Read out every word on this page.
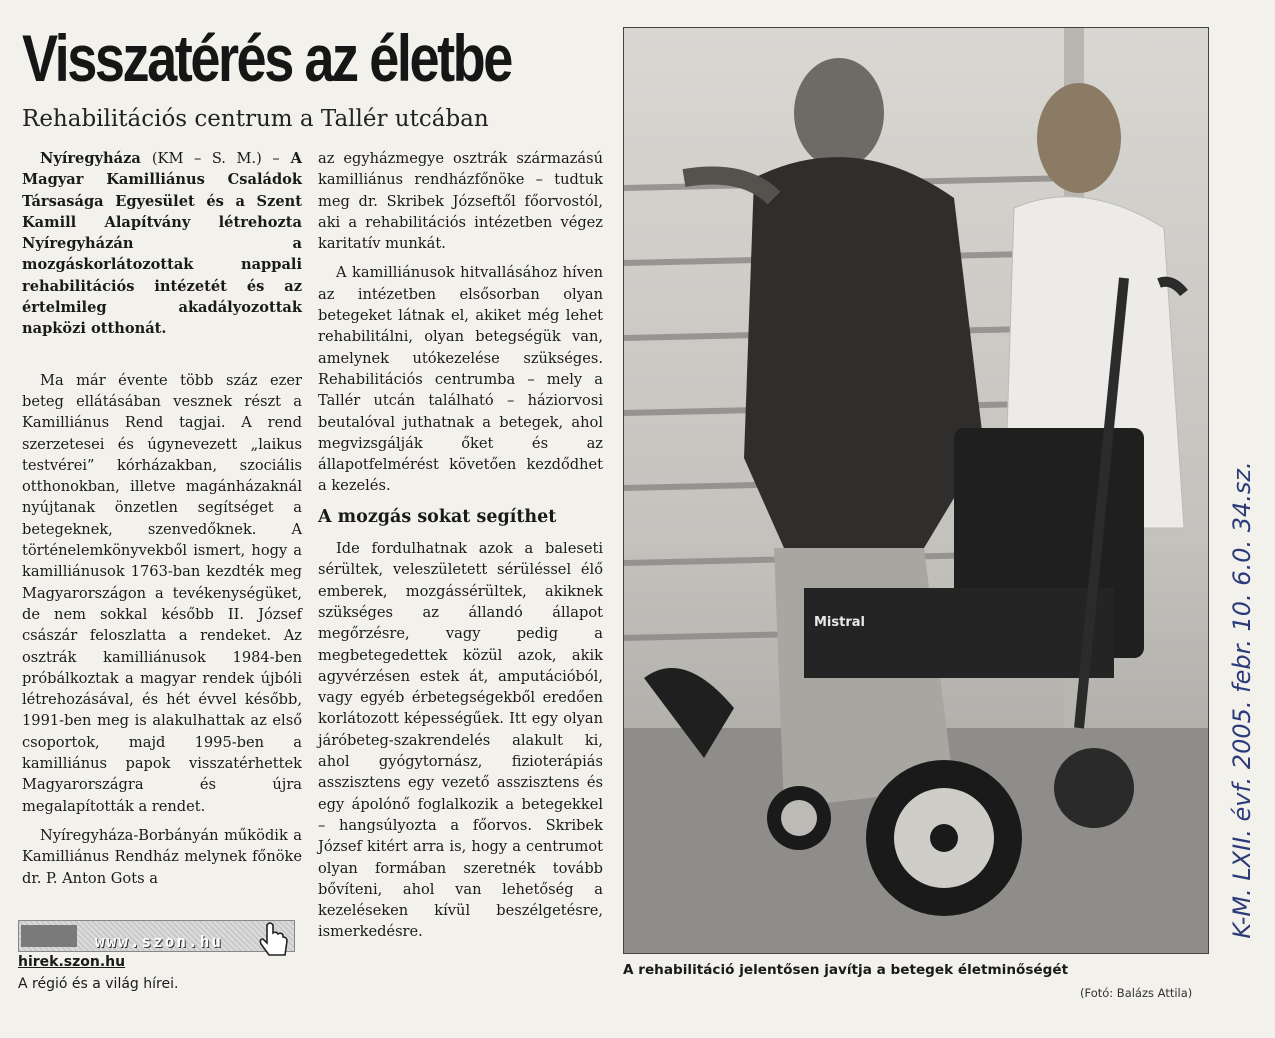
Visszatérés az életbe
Rehabilitációs centrum a Tallér utcában

Nyíregyháza (KM – S. M.) – A Magyar Kamilliánus Családok Társasága Egyesület és a Szent Kamill Alapítvány létrehozta Nyíregyházán a mozgáskorlátozottak nappali rehabilitációs intézetét és az értelmileg akadályozottak napközi otthonát.

Ma már évente több száz ezer beteg ellátásában vesznek részt a Kamilliánus Rend tagjai. A rend szerzetesei és úgynevezett „laikus testvérei” kórházakban, szociális otthonokban, illetve magánházaknál nyújtanak önzetlen segítséget a betegeknek, szenvedőknek. A történelemkönyvekből ismert, hogy a kamilliánusok 1763-ban kezdték meg Magyarországon a tevékenységüket, de nem sokkal később II. József császár feloszlatta a rendeket. Az osztrák kamilliánusok 1984-ben próbálkoztak a magyar rendek újbóli létrehozásával, és hét évvel később, 1991-ben meg is alakulhattak az első csoportok, majd 1995-ben a kamilliánus papok visszatérhettek Magyarországra és újra megalapították a rendet.

Nyíregyháza-Borbányán működik a Kamilliánus Rendház melynek főnöke dr. P. Anton Gots a

az egyházmegye osztrák származású kamilliánus rendházfőnöke – tudtuk meg dr. Skribek Józseftől főorvostól, aki a rehabilitációs intézetben végez karitatív munkát.

A kamilliánusok hitvallásához híven az intézetben elsősorban olyan betegeket látnak el, akiket még lehet rehabilitálni, olyan betegségük van, amelynek utókezelése szükséges. Rehabilitációs centrumba – mely a Tallér utcán található – háziorvosi beutalóval juthatnak a betegek, ahol megvizsgálják őket és az állapotfelmérést követően kezdődhet a kezelés.

A mozgás sokat segíthet

Ide fordulhatnak azok a baleseti sérültek, veleszületett sérüléssel élő emberek, mozgássérültek, akiknek szükséges az állandó állapot megőrzésre, vagy pedig a megbetegedettek közül azok, akik agyvérzésen estek át, amputációból, vagy egyéb érbetegségekből eredően korlátozott képességűek. Itt egy olyan járóbeteg-szakrendelés alakult ki, ahol gyógytornász, fizioterápiás asszisztens egy vezető asszisztens és egy ápolónő foglalkozik a betegekkel – hangsúlyozta a főorvos. Skribek József kitért arra is, hogy a centrumot olyan formában szeretnék tovább bővíteni, ahol van lehetőség a kezeléseken kívül beszélgetésre, ismerkedésre.

Mistral
A rehabilitáció jelentősen javítja a betegek életminőségét
(Fotó: Balázs Attila)
www.szon.hu
hirek.szon.hu
A régió és a világ hírei.
K-M. LXII. évf. 2005. febr. 10. 6.0. 34.sz.
